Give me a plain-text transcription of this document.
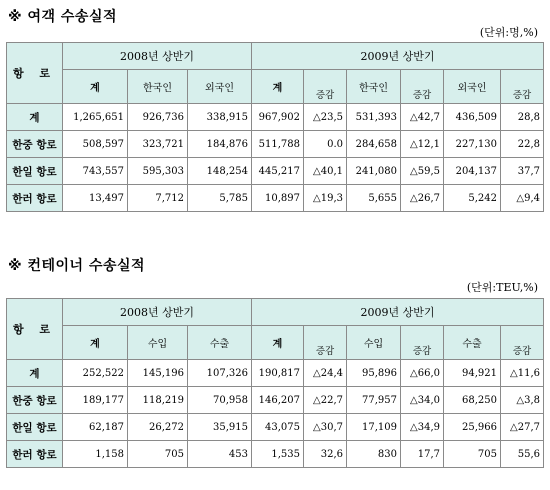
※ 여객 수송실적
(단위:명,%)
항 로	2008년 상반기			2009년 상반기					
	계	한국인	외국인	계	증감	한국인	증감	외국인	증감
계	1,265,651	926,736	338,915	967,902	△23,5	531,393	△42,7	436,509	28,8
한중 항로	508,597	323,721	184,876	511,788	0.0	284,658	△12,1	227,130	22,8
한일 항로	743,557	595,303	148,254	445,217	△40,1	241,080	△59,5	204,137	37,7
한러 항로	13,497	7,712	5,785	10,897	△19,3	5,655	△26,7	5,242	△9,4
※ 컨테이너 수송실적
(단위:TEU,%)
항 로	2008년 상반기			2009년 상반기					
	계	수입	수출	계	증감	수입	증감	수출	증감
계	252,522	145,196	107,326	190,817	△24,4	95,896	△66,0	94,921	△11,6
한중 항로	189,177	118,219	70,958	146,207	△22,7	77,957	△34,0	68,250	△3,8
한일 항로	62,187	26,272	35,915	43,075	△30,7	17,109	△34,9	25,966	△27,7
한러 항로	1,158	705	453	1,535	32,6	830	17,7	705	55,6
